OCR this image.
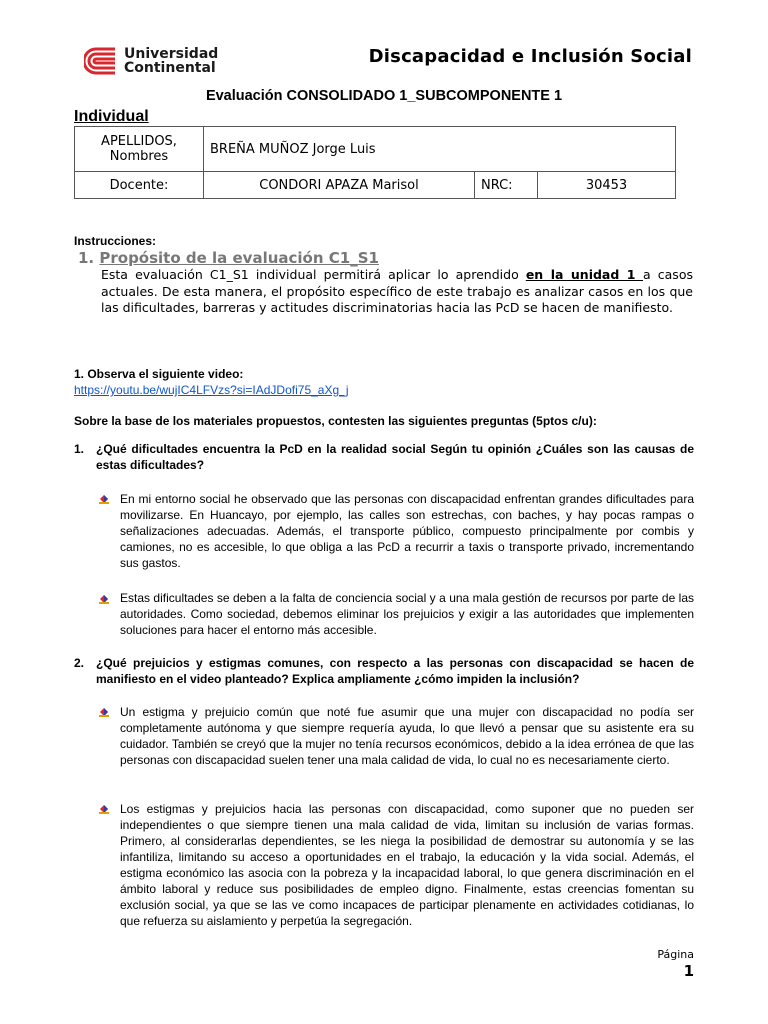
Universidad
Continental
Discapacidad e Inclusión Social
Evaluación CONSOLIDADO 1_SUBCOMPONENTE 1
Individual
APELLIDOS, Nombres	BREÑA MUÑOZ Jorge Luis		
Docente:	CONDORI APAZA Marisol	NRC:	30453
Instrucciones:
1. Propósito de la evaluación C1_S1
Esta evaluación C1_S1 individual permitirá aplicar lo aprendido en la unidad 1 a casos actuales. De esta manera, el propósito específico de este trabajo es analizar casos en los que las dificultades, barreras y actitudes discriminatorias hacia las PcD se hacen de manifiesto.
1. Observa el siguiente video:
https://youtu.be/wujIC4LFVzs?si=IAdJDofi75_aXg_j
Sobre la base de los materiales propuestos, contesten las siguientes preguntas (5ptos c/u):
1. ¿Qué dificultades encuentra la PcD en la realidad social Según tu opinión ¿Cuáles son las causas de estas dificultades?
En mi entorno social he observado que las personas con discapacidad enfrentan grandes dificultades para movilizarse. En Huancayo, por ejemplo, las calles son estrechas, con baches, y hay pocas rampas o señalizaciones adecuadas. Además, el transporte público, compuesto principalmente por combis y camiones, no es accesible, lo que obliga a las PcD a recurrir a taxis o transporte privado, incrementando sus gastos.
Estas dificultades se deben a la falta de conciencia social y a una mala gestión de recursos por parte de las autoridades. Como sociedad, debemos eliminar los prejuicios y exigir a las autoridades que implementen soluciones para hacer el entorno más accesible.
2. ¿Qué prejuicios y estigmas comunes, con respecto a las personas con discapacidad se hacen de manifiesto en el video planteado? Explica ampliamente ¿cómo impiden la inclusión?
Un estigma y prejuicio común que noté fue asumir que una mujer con discapacidad no podía ser completamente autónoma y que siempre requería ayuda, lo que llevó a pensar que su asistente era su cuidador. También se creyó que la mujer no tenía recursos económicos, debido a la idea errónea de que las personas con discapacidad suelen tener una mala calidad de vida, lo cual no es necesariamente cierto.
Los estigmas y prejuicios hacia las personas con discapacidad, como suponer que no pueden ser independientes o que siempre tienen una mala calidad de vida, limitan su inclusión de varias formas. Primero, al considerarlas dependientes, se les niega la posibilidad de demostrar su autonomía y se las infantiliza, limitando su acceso a oportunidades en el trabajo, la educación y la vida social. Además, el estigma económico las asocia con la pobreza y la incapacidad laboral, lo que genera discriminación en el ámbito laboral y reduce sus posibilidades de empleo digno. Finalmente, estas creencias fomentan su exclusión social, ya que se las ve como incapaces de participar plenamente en actividades cotidianas, lo que refuerza su aislamiento y perpetúa la segregación.
Página
1
